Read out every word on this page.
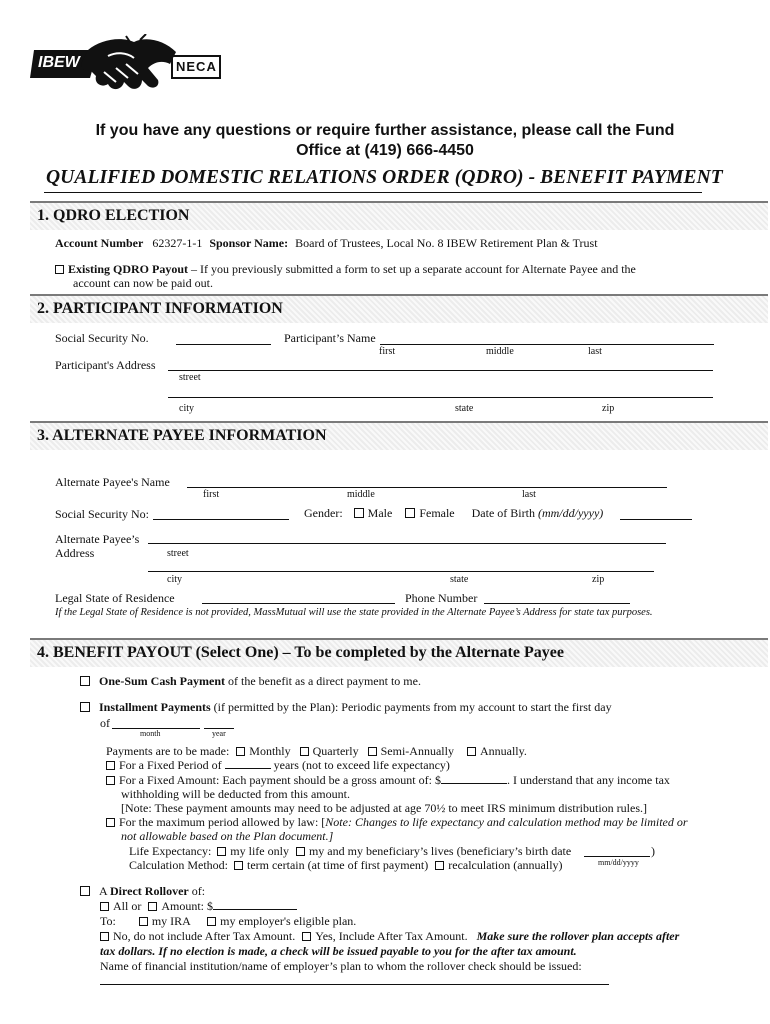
IBEW	NECA
If you have any questions or require further assistance, please call the Fund
Office at (419) 666-4450
QUALIFIED DOMESTIC RELATIONS ORDER (QDRO) - BENEFIT PAYMENT
1. QDRO ELECTION
Account Number 62327-1-1 Sponsor Name: Board of Trustees, Local No. 8 IBEW Retirement Plan & Trust
Existing QDRO Payout – If you previously submitted a form to set up a separate account for Alternate Payee and the
account can now be paid out.
2. PARTICIPANT INFORMATION
Social Security No.	Participant’s Name
first	middle	last
Participant's Address
street
city	state	zip
3. ALTERNATE PAYEE INFORMATION
Alternate Payee's Name
first	middle	last
Social Security No:	Gender: Male Female Date of Birth (mm/dd/yyyy)
Alternate Payee’s
Address	street
city	state	zip
Legal State of Residence	Phone Number
If the Legal State of Residence is not provided, MassMutual will use the state provided in the Alternate Payee’s Address for state tax purposes.
4. BENEFIT PAYOUT (Select One) – To be completed by the Alternate Payee
One-Sum Cash Payment of the benefit as a direct payment to me.
Installment Payments (if permitted by the Plan): Periodic payments from my account to start the first day
of
month	year
Payments are to be made: Monthly Quarterly Semi-Annually Annually.
For a Fixed Period of	years (not to exceed life expectancy)
For a Fixed Amount: Each payment should be a gross amount of: $	. I understand that any income tax
withholding will be deducted from this amount.
[Note: These payment amounts may need to be adjusted at age 70½ to meet IRS minimum distribution rules.]
For the maximum period allowed by law: [Note: Changes to life expectancy and calculation method may be limited or
not allowable based on the Plan document.]
Life Expectancy: my life only my and my beneficiary’s lives (beneficiary’s birth date	)
Calculation Method: term certain (at time of first payment) recalculation (annually)	mm/dd/yyyy
A Direct Rollover of:
All or Amount: $
To:	my IRA	my employer's eligible plan.
No, do not include After Tax Amount. Yes, Include After Tax Amount. Make sure the rollover plan accepts after
tax dollars. If no election is made, a check will be issued payable to you for the after tax amount.
Name of financial institution/name of employer’s plan to whom the rollover check should be issued:
